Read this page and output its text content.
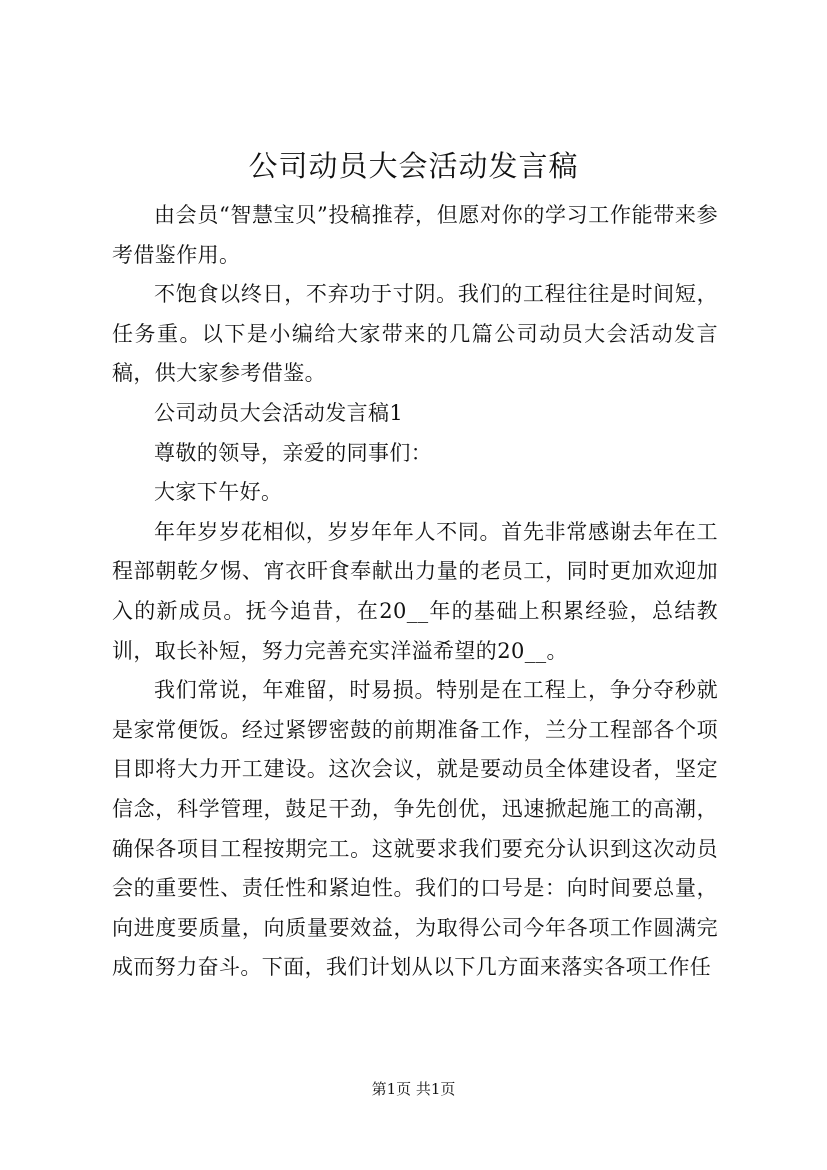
公司动员大会活动发言稿

由会员“智慧宝贝”投稿推荐，但愿对你的学习工作能带来参考借鉴作用。

不饱食以终日，不弃功于寸阴。我们的工程往往是时间短，任务重。以下是小编给大家带来的几篇公司动员大会活动发言稿，供大家参考借鉴。

公司动员大会活动发言稿1

尊敬的领导，亲爱的同事们：

大家下午好。

年年岁岁花相似，岁岁年年人不同。首先非常感谢去年在工程部朝乾夕惕、宵衣旰食奉献出力量的老员工，同时更加欢迎加入的新成员。抚今追昔，在20__年的基础上积累经验，总结教训，取长补短，努力完善充实洋溢希望的20__。

我们常说，年难留，时易损。特别是在工程上，争分夺秒就是家常便饭。经过紧锣密鼓的前期准备工作，兰分工程部各个项目即将大力开工建设。这次会议，就是要动员全体建设者，坚定信念，科学管理，鼓足干劲，争先创优，迅速掀起施工的高潮，确保各项目工程按期完工。这就要求我们要充分认识到这次动员会的重要性、责任性和紧迫性。我们的口号是：向时间要总量，向进度要质量，向质量要效益，为取得公司今年各项工作圆满完成而努力奋斗。下面，我们计划从以下几方面来落实各项工作任

第1页 共1页
